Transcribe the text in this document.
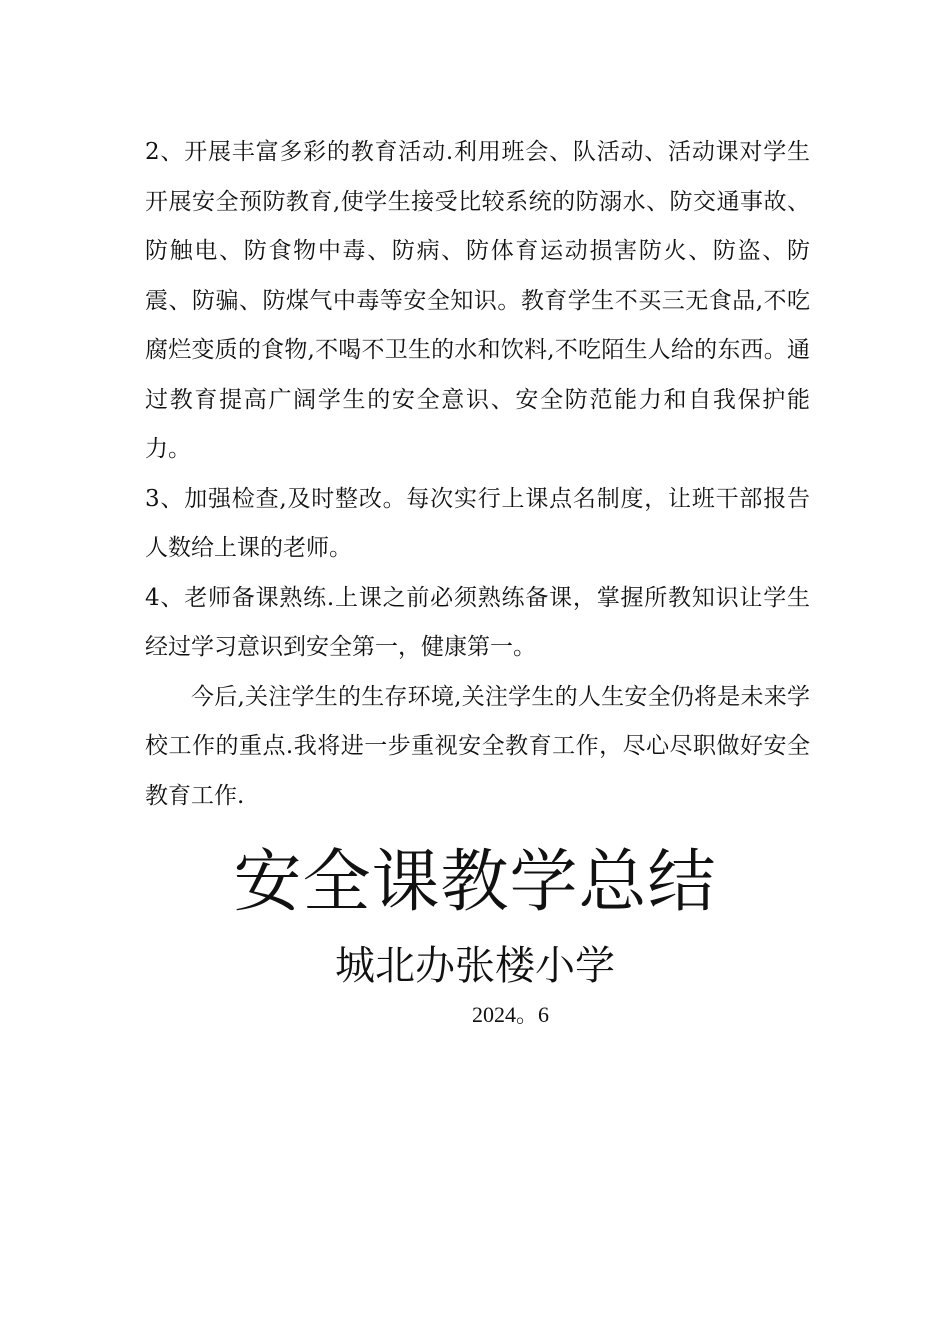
2、开展丰富多彩的教育活动.利用班会、队活动、活动课对学生开展安全预防教育,使学生接受比较系统的防溺水、防交通事故、防触电、防食物中毒、防病、防体育运动损害防火、防盗、防震、防骗、防煤气中毒等安全知识。教育学生不买三无食品,不吃腐烂变质的食物,不喝不卫生的水和饮料,不吃陌生人给的东西。通过教育提高广阔学生的安全意识、安全防范能力和自我保护能力。

3、加强检查,及时整改。每次实行上课点名制度，让班干部报告人数给上课的老师。

4、老师备课熟练.上课之前必须熟练备课，掌握所教知识让学生经过学习意识到安全第一，健康第一。

今后,关注学生的生存环境,关注学生的人生安全仍将是未来学校工作的重点.我将进一步重视安全教育工作，尽心尽职做好安全教育工作.

安全课教学总结
城北办张楼小学
2024。6
